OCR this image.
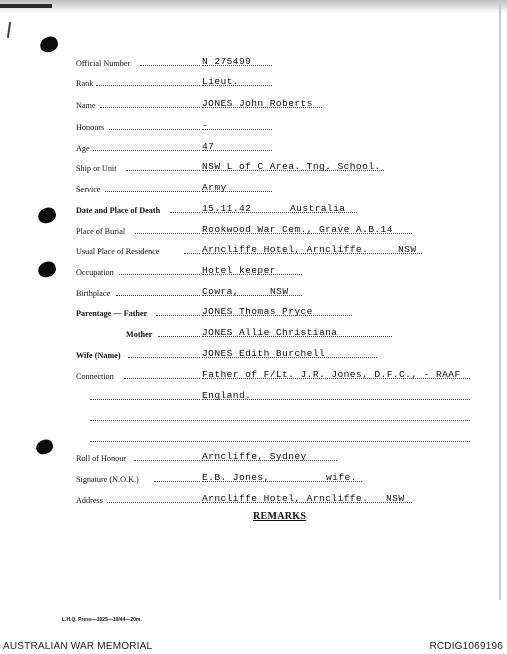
Official Number	N 275499
Rank	Lieut.
Name	JONES John Roberts
Honours	-
Age	47
Ship or Unit	NSW L of C Area. Tng. School.
Service	Army
Date and Place of Death	15.11.42	Australia
Place of Burial	Rookwood War Cem., Grave A.B.14
Usual Place of Residence	Arncliffe Hotel, Arncliffe.	NSW
Occupation	Hotel keeper
Birthplace	Cowra,	NSW
Parentage — Father	JONES Thomas Pryce
Mother	JONES Allie Christiana
Wife (Name)	JONES Edith Burchell
Connection	Father of F/Lt. J.R. Jones, D.F.C., - RAAF
England.
Roll of Honour	Arncliffe, Sydney
Signature (N.O.K.)	E.B. Jones,	wife.
Address	Arncliffe Hotel, Arncliffe. NSW
REMARKS
L.H.Q. Press—1025—10/44—20m.
AUSTRALIAN WAR MEMORIAL	RCDIG1069196
